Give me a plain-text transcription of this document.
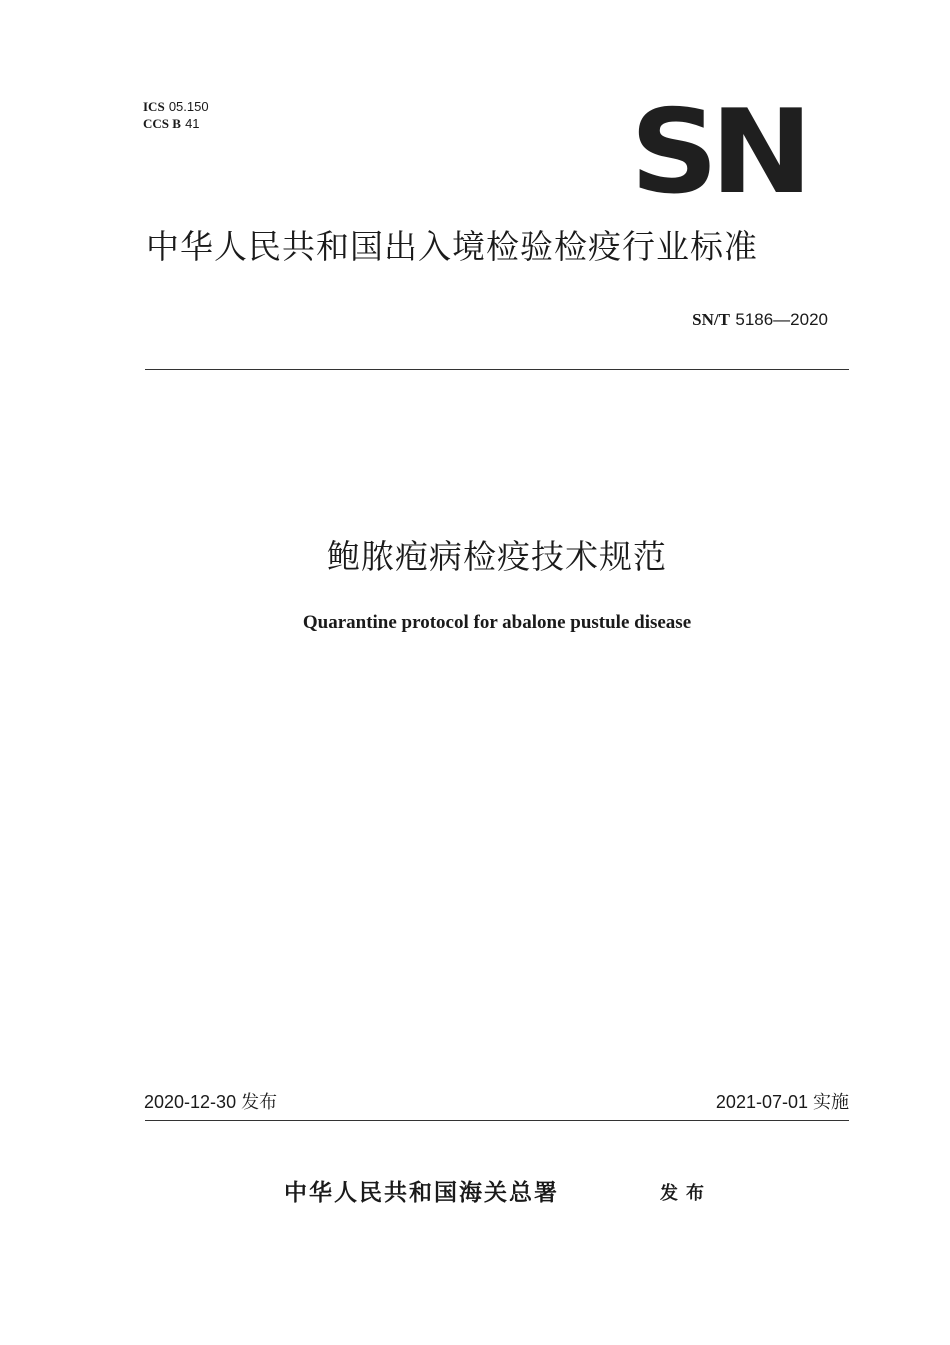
ICS 05.150
CCS B 41	SN
中华人民共和国出入境检验检疫行业标准
SN/T 5186—2020
鲍脓疱病检疫技术规范
Quarantine protocol for abalone pustule disease
2020-12-30 发布	2021-07-01 实施
中华人民共和国海关总署	发布
